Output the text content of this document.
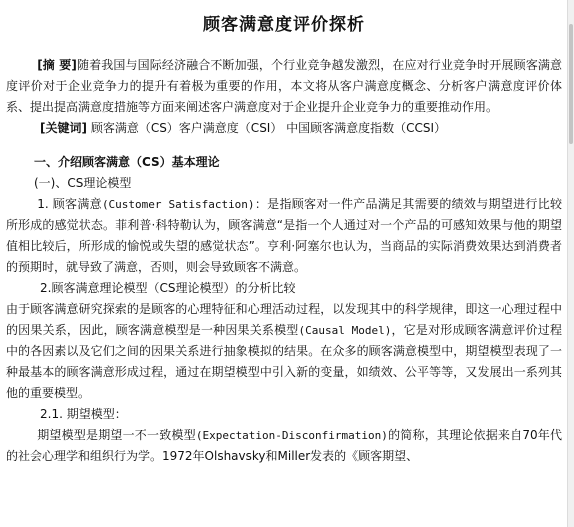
顾客满意度评价探析

[摘 要]随着我国与国际经济融合不断加强，个行业竞争越发激烈，在应对行业竞争时开展顾客满意度评价对于企业竞争力的提升有着极为重要的作用，本文将从客户满意度概念、分析客户满意度评价体系、提出提高满意度措施等方面来阐述客户满意度对于企业提升企业竞争力的重要推动作用。

[关键词] 顾客满意（CS）客户满意度（CSI） 中国顾客满意度指数（CCSI）

一、介绍顾客满意（CS）基本理论

(一)、CS理论模型

1. 顾客满意(Customer Satisfaction)：是指顾客对一件产品满足其需要的绩效与期望进行比较所形成的感觉状态。菲利普·科特勒认为，顾客满意“是指一个人通过对一个产品的可感知效果与他的期望值相比较后，所形成的愉悦或失望的感觉状态”。亨利·阿塞尔也认为，当商品的实际消费效果达到消费者的预期时，就导致了满意，否则，则会导致顾客不满意。

2.顾客满意理论模型（CS理论模型）的分析比较

由于顾客满意研究探索的是顾客的心理特征和心理活动过程，以发现其中的科学规律，即这一心理过程中的因果关系，因此，顾客满意模型是一种因果关系模型(Causal Model)，它是对形成顾客满意评价过程中的各因素以及它们之间的因果关系进行抽象模拟的结果。在众多的顾客满意模型中，期望模型表现了一种最基本的顾客满意形成过程，通过在期望模型中引入新的变量，如绩效、公平等等，又发展出一系列其他的重要模型。

2.1. 期望模型：

期望模型是期望一不一致模型(Expectation-Disconfirmation)的简称，其理论依据来自70年代的社会心理学和组织行为学。1972年Olshavsky和Miller发表的《顾客期望、
